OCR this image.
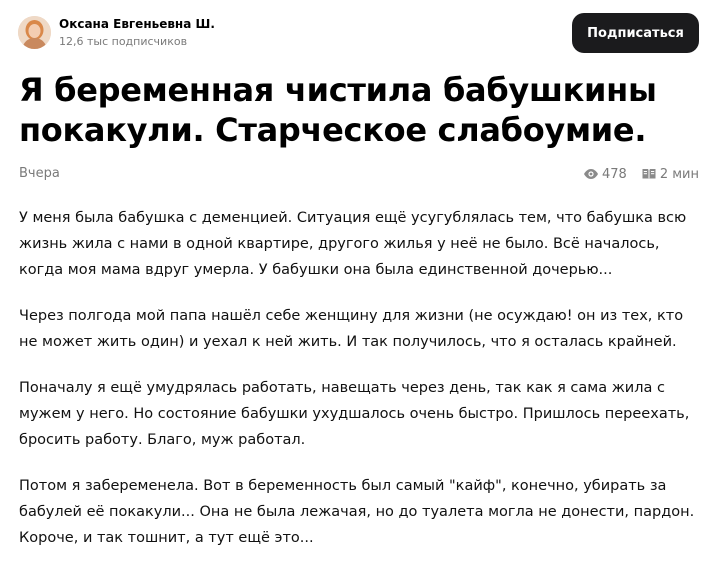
Оксана Евгеньевна Ш.
12,6 тыс подписчиков
Подписаться
Я беременная чистила бабушкины покакули. Старческое слабоумие.
Вчера	478	2 мин

У меня была бабушка с деменцией. Ситуация ещё усугублялась тем, что бабушка всю жизнь жила с нами в одной квартире, другого жилья у неё не было. Всё началось, когда моя мама вдруг умерла. У бабушки она была единственной дочерью...

Через полгода мой папа нашёл себе женщину для жизни (не осуждаю! он из тех, кто не может жить один) и уехал к ней жить. И так получилось, что я осталась крайней.

Поначалу я ещё умудрялась работать, навещать через день, так как я сама жила с мужем у него. Но состояние бабушки ухудшалось очень быстро. Пришлось переехать, бросить работу. Благо, муж работал.

Потом я забеременела. Вот в беременность был самый "кайф", конечно, убирать за бабулей её покакули... Она не была лежачая, но до туалета могла не донести, пардон. Короче, и так тошнит, а тут ещё это...
